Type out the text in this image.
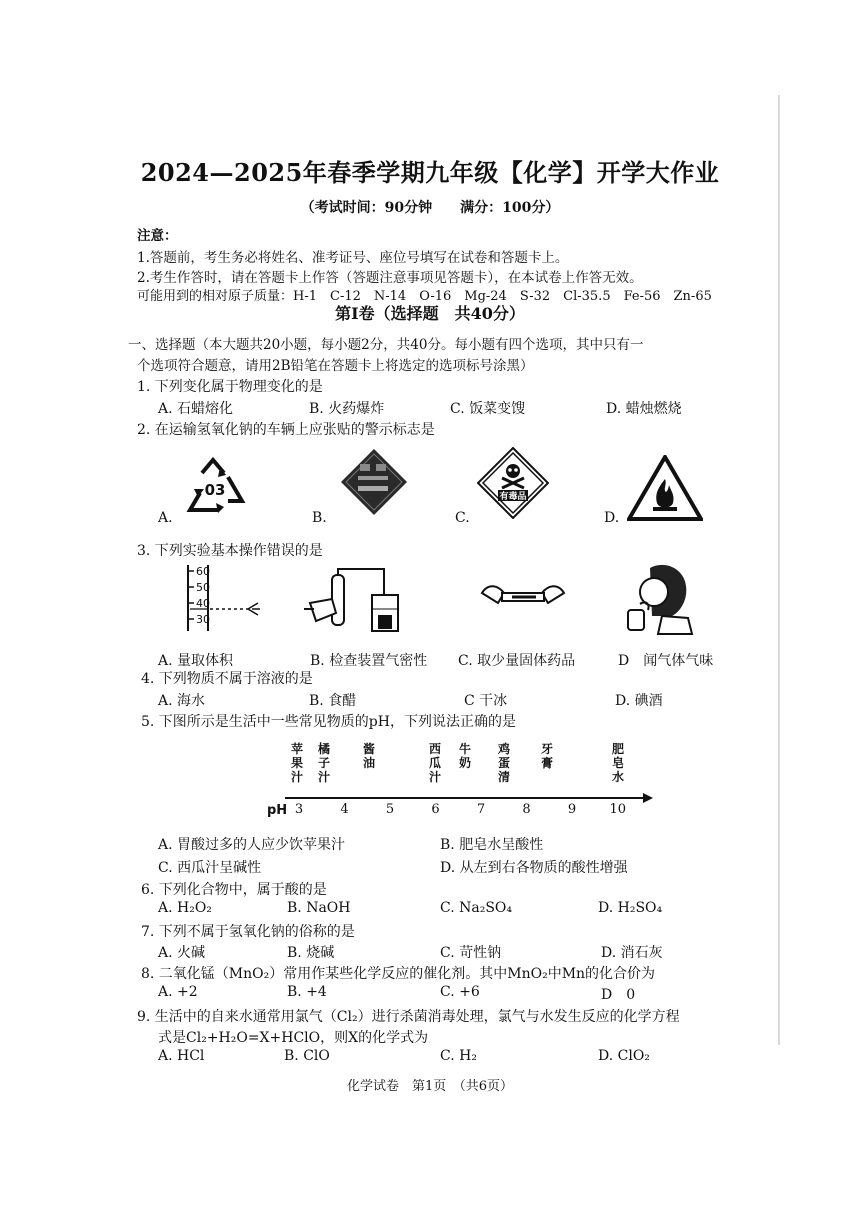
2024—2025年春季学期九年级【化学】开学大作业
（考试时间：90分钟　　满分：100分）
注意：
1.答题前，考生务必将姓名、准考证号、座位号填写在试卷和答题卡上。
2.考生作答时，请在答题卡上作答（答题注意事项见答题卡），在本试卷上作答无效。
可能用到的相对原子质量：H-1　C-12　N-14　O-16　Mg-24　S-32　Cl-35.5　Fe-56　Zn-65
第Ⅰ卷（选择题　共40分）
一、选择题（本大题共20小题，每小题2分，共40分。每小题有四个选项，其中只有一
个选项符合题意，请用2B铅笔在答题卡上将选定的选项标号涂黑）
1. 下列变化属于物理变化的是
A. 石蜡熔化	B. 火药爆炸	C. 饭菜变馊	D. 蜡烛燃烧
2. 在运输氢氧化钠的车辆上应张贴的警示标志是
A.	B.	C.	D.
03	有毒品
3. 下列实验基本操作错误的是
60
50
40
30
A. 量取体积	B. 检查装置气密性 C. 取少量固体药品	D　闻气体气味
4. 下列物质不属于溶液的是
A. 海水	B. 食醋	C 干冰	D. 碘酒
5. 下图所示是生活中一些常见物质的pH，下列说法正确的是
苹
果
汁
橘
子
汁
酱
油
西
瓜
汁
牛
奶
鸡
蛋
清
牙
膏
肥
皂
水
pH 3	4	5	6	7	8	9	10
A. 胃酸过多的人应少饮苹果汁	B. 肥皂水呈酸性
C. 西瓜汁呈碱性	D. 从左到右各物质的酸性增强
6. 下列化合物中，属于酸的是
A. H₂O₂	B. NaOH	C. Na₂SO₄	D. H₂SO₄
7. 下列不属于氢氧化钠的俗称的是
A. 火碱	B. 烧碱	C. 苛性钠	D. 消石灰
8. 二氧化锰（MnO₂）常用作某些化学反应的催化剂。其中MnO₂中Mn的化合价为
A. +2	B. +4	C. +6	D　0
9. 生活中的自来水通常用氯气（Cl₂）进行杀菌消毒处理，氯气与水发生反应的化学方程
式是Cl₂+H₂O=X+HClO，则X的化学式为
A. HCl	B. ClO	C. H₂	D. ClO₂
化学试卷　第1页　（共6页）
